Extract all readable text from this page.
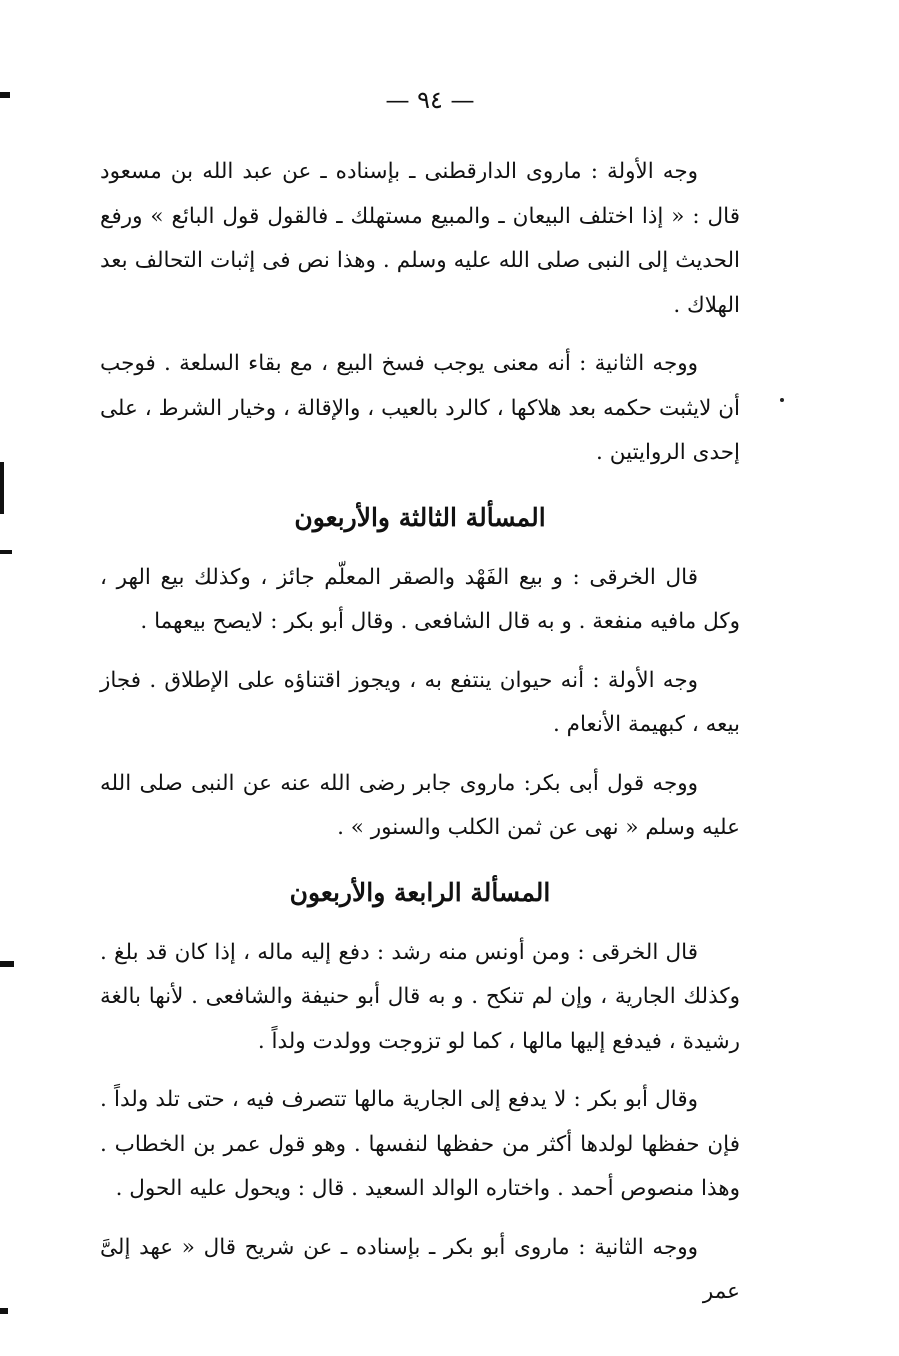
— ٩٤ —

وجه الأولة : ماروى الدارقطنى ـ بإسناده ـ عن عبد الله بن مسعود قال : « إذا اختلف البيعان ـ والمبيع مستهلك ـ فالقول قول البائع » ورفع الحديث إلى النبى صلى الله عليه وسلم . وهذا نص فى إثبات التحالف بعد الهلاك .

ووجه الثانية : أنه معنى يوجب فسخ البيع ، مع بقاء السلعة . فوجب أن لايثبت حكمه بعد هلاكها ، كالرد بالعيب ، والإقالة ، وخيار الشرط ، على إحدى الروايتين .

المسألة الثالثة والأربعون

قال الخرقى : و بيع الفَهْد والصقر المعلّم جائز ، وكذلك بيع الهر ، وكل مافيه منفعة . و به قال الشافعى . وقال أبو بكر : لايصح بيعهما .

وجه الأولة : أنه حيوان ينتفع به ، ويجوز اقتناؤه على الإطلاق . فجاز بيعه ، كبهيمة الأنعام .

ووجه قول أبى بكر: ماروى جابر رضى الله عنه عن النبى صلى الله عليه وسلم « نهى عن ثمن الكلب والسنور » .

المسألة الرابعة والأربعون

قال الخرقى : ومن أونس منه رشد : دفع إليه ماله ، إذا كان قد بلغ . وكذلك الجارية ، وإن لم تنكح . و به قال أبو حنيفة والشافعى . لأنها بالغة رشيدة ، فيدفع إليها مالها ، كما لو تزوجت وولدت ولداً .

وقال أبو بكر : لا يدفع إلى الجارية مالها تتصرف فيه ، حتى تلد ولداً . فإن حفظها لولدها أكثر من حفظها لنفسها . وهو قول عمر بن الخطاب . وهذا منصوص أحمد . واختاره الوالد السعيد . قال : ويحول عليه الحول .

ووجه الثانية : ماروى أبو بكر ـ بإسناده ـ عن شريح قال « عهد إلىَّ عمر
